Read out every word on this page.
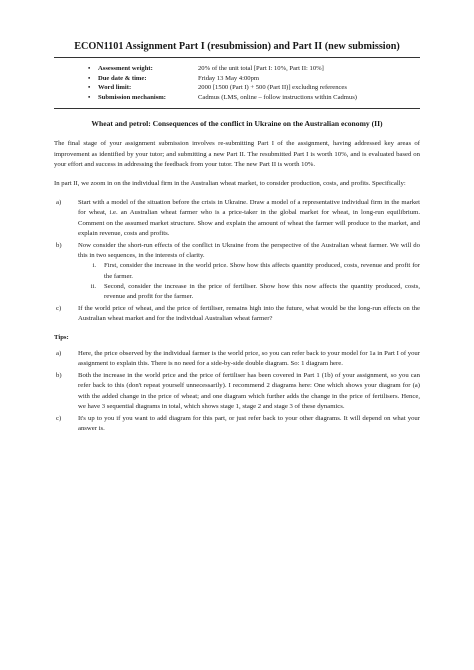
ECON1101 Assignment Part I (resubmission) and Part II (new submission)
•	Assessment weight:	20% of the unit total [Part I: 10%, Part II: 10%]
•	Due date & time:	Friday 13 May 4:00pm
•	Word limit:	2000 [1500 (Part I) + 500 (Part II)] excluding references
•	Submission mechanism:	Cadmus (LMS, online – follow instructions within Cadmus)
Wheat and petrol: Consequences of the conflict in Ukraine on the Australian economy (II)

The final stage of your assignment submission involves re-submitting Part I of the assignment, having addressed key areas of improvement as identified by your tutor; and submitting a new Part II. The resubmitted Part I is worth 10%, and is evaluated based on your effort and success in addressing the feedback from your tutor. The new Part II is worth 10%.

In part II, we zoom in on the individual firm in the Australian wheat market, to consider production, costs, and profits. Specifically:

a)	Start with a model of the situation before the crisis in Ukraine. Draw a model of a representative individual firm in the market for wheat, i.e. an Australian wheat farmer who is a price-taker in the global market for wheat, in long-run equilibrium. Comment on the assumed market structure. Show and explain the amount of wheat the farmer will produce to the market, and explain revenue, costs and profits.
b)	Now consider the short-run effects of the conflict in Ukraine from the perspective of the Australian wheat farmer. We will do this in two sequences, in the interests of clarity.
i.	First, consider the increase in the world price. Show how this affects quantity produced, costs, revenue and profit for the farmer.
ii.	Second, consider the increase in the price of fertiliser. Show how this now affects the quantity produced, costs, revenue and profit for the farmer.
c)	If the world price of wheat, and the price of fertiliser, remains high into the future, what would be the long-run effects on the Australian wheat market and for the individual Australian wheat farmer?
Tips:
a)	Here, the price observed by the individual farmer is the world price, so you can refer back to your model for 1a in Part I of your assignment to explain this. There is no need for a side-by-side double diagram. So: 1 diagram here.
b)	Both the increase in the world price and the price of fertiliser has been covered in Part 1 (1b) of your assignment, so you can refer back to this (don't repeat yourself unnecessarily). I recommend 2 diagrams here: One which shows your diagram for (a) with the added change in the price of wheat; and one diagram which further adds the change in the price of fertilisers. Hence, we have 3 sequential diagrams in total, which shows stage 1, stage 2 and stage 3 of these dynamics.
c)	It's up to you if you want to add diagram for this part, or just refer back to your other diagrams. It will depend on what your answer is.
